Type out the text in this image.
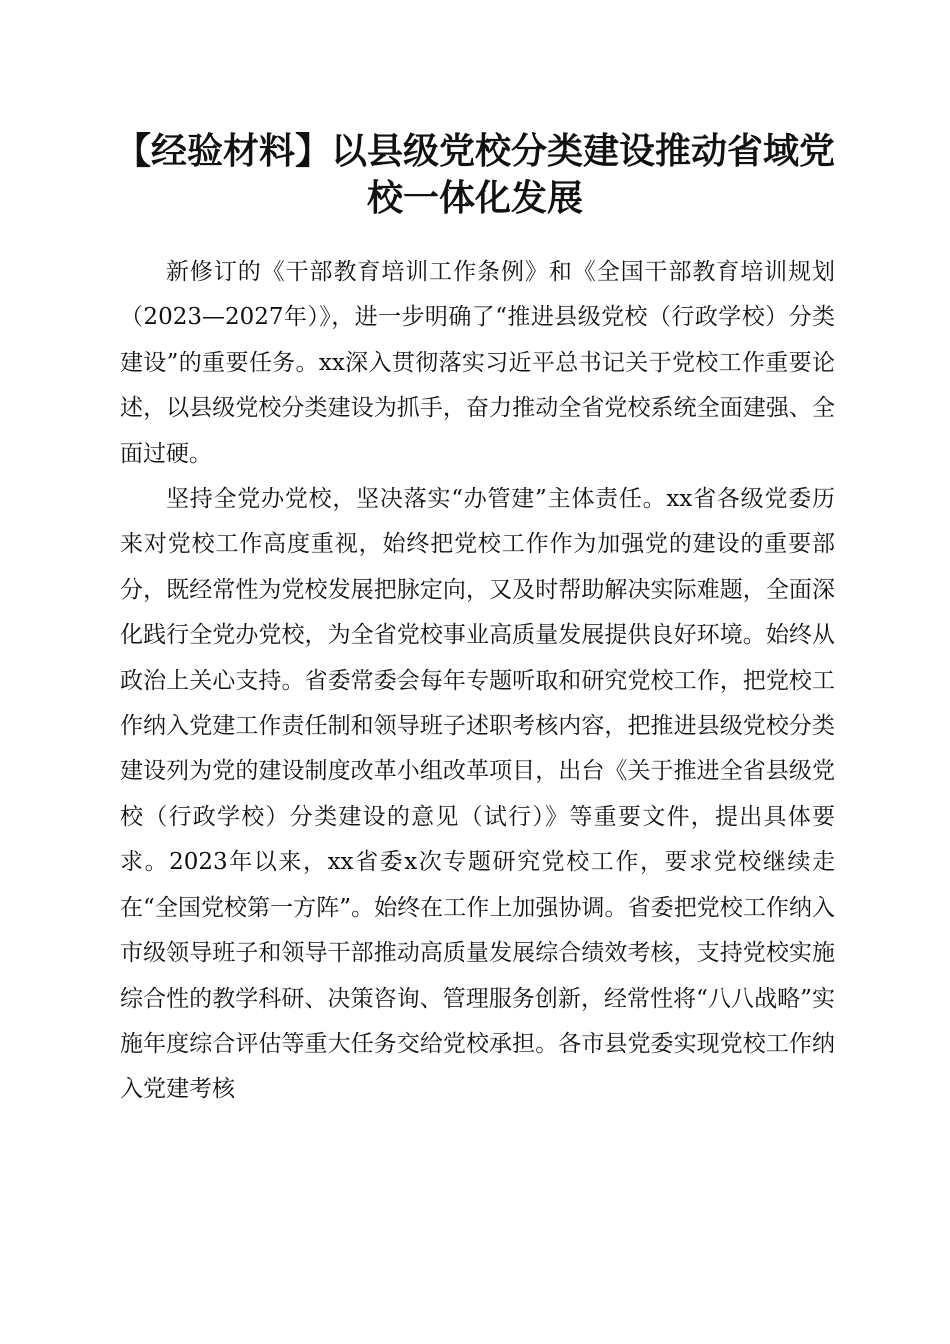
【经验材料】以县级党校分类建设推动省域党
校一体化发展

新修订的《干部教育培训工作条例》和《全国干部教育培训规划（2023—2027年）》，进一步明确了“推进县级党校（行政学校）分类建设”的重要任务。xx深入贯彻落实习近平总书记关于党校工作重要论述，以县级党校分类建设为抓手，奋力推动全省党校系统全面建强、全面过硬。

坚持全党办党校，坚决落实“办管建”主体责任。xx省各级党委历来对党校工作高度重视，始终把党校工作作为加强党的建设的重要部分，既经常性为党校发展把脉定向，又及时帮助解决实际难题，全面深化践行全党办党校，为全省党校事业高质量发展提供良好环境。始终从政治上关心支持。省委常委会每年专题听取和研究党校工作，把党校工作纳入党建工作责任制和领导班子述职考核内容，把推进县级党校分类建设列为党的建设制度改革小组改革项目，出台《关于推进全省县级党校（行政学校）分类建设的意见（试行）》等重要文件，提出具体要求。2023年以来，xx省委x次专题研究党校工作，要求党校继续走在“全国党校第一方阵”。始终在工作上加强协调。省委把党校工作纳入市级领导班子和领导干部推动高质量发展综合绩效考核，支持党校实施综合性的教学科研、决策咨询、管理服务创新，经常性将“八八战略”实施年度综合评估等重大任务交给党校承担。各市县党委实现党校工作纳入党建考核
